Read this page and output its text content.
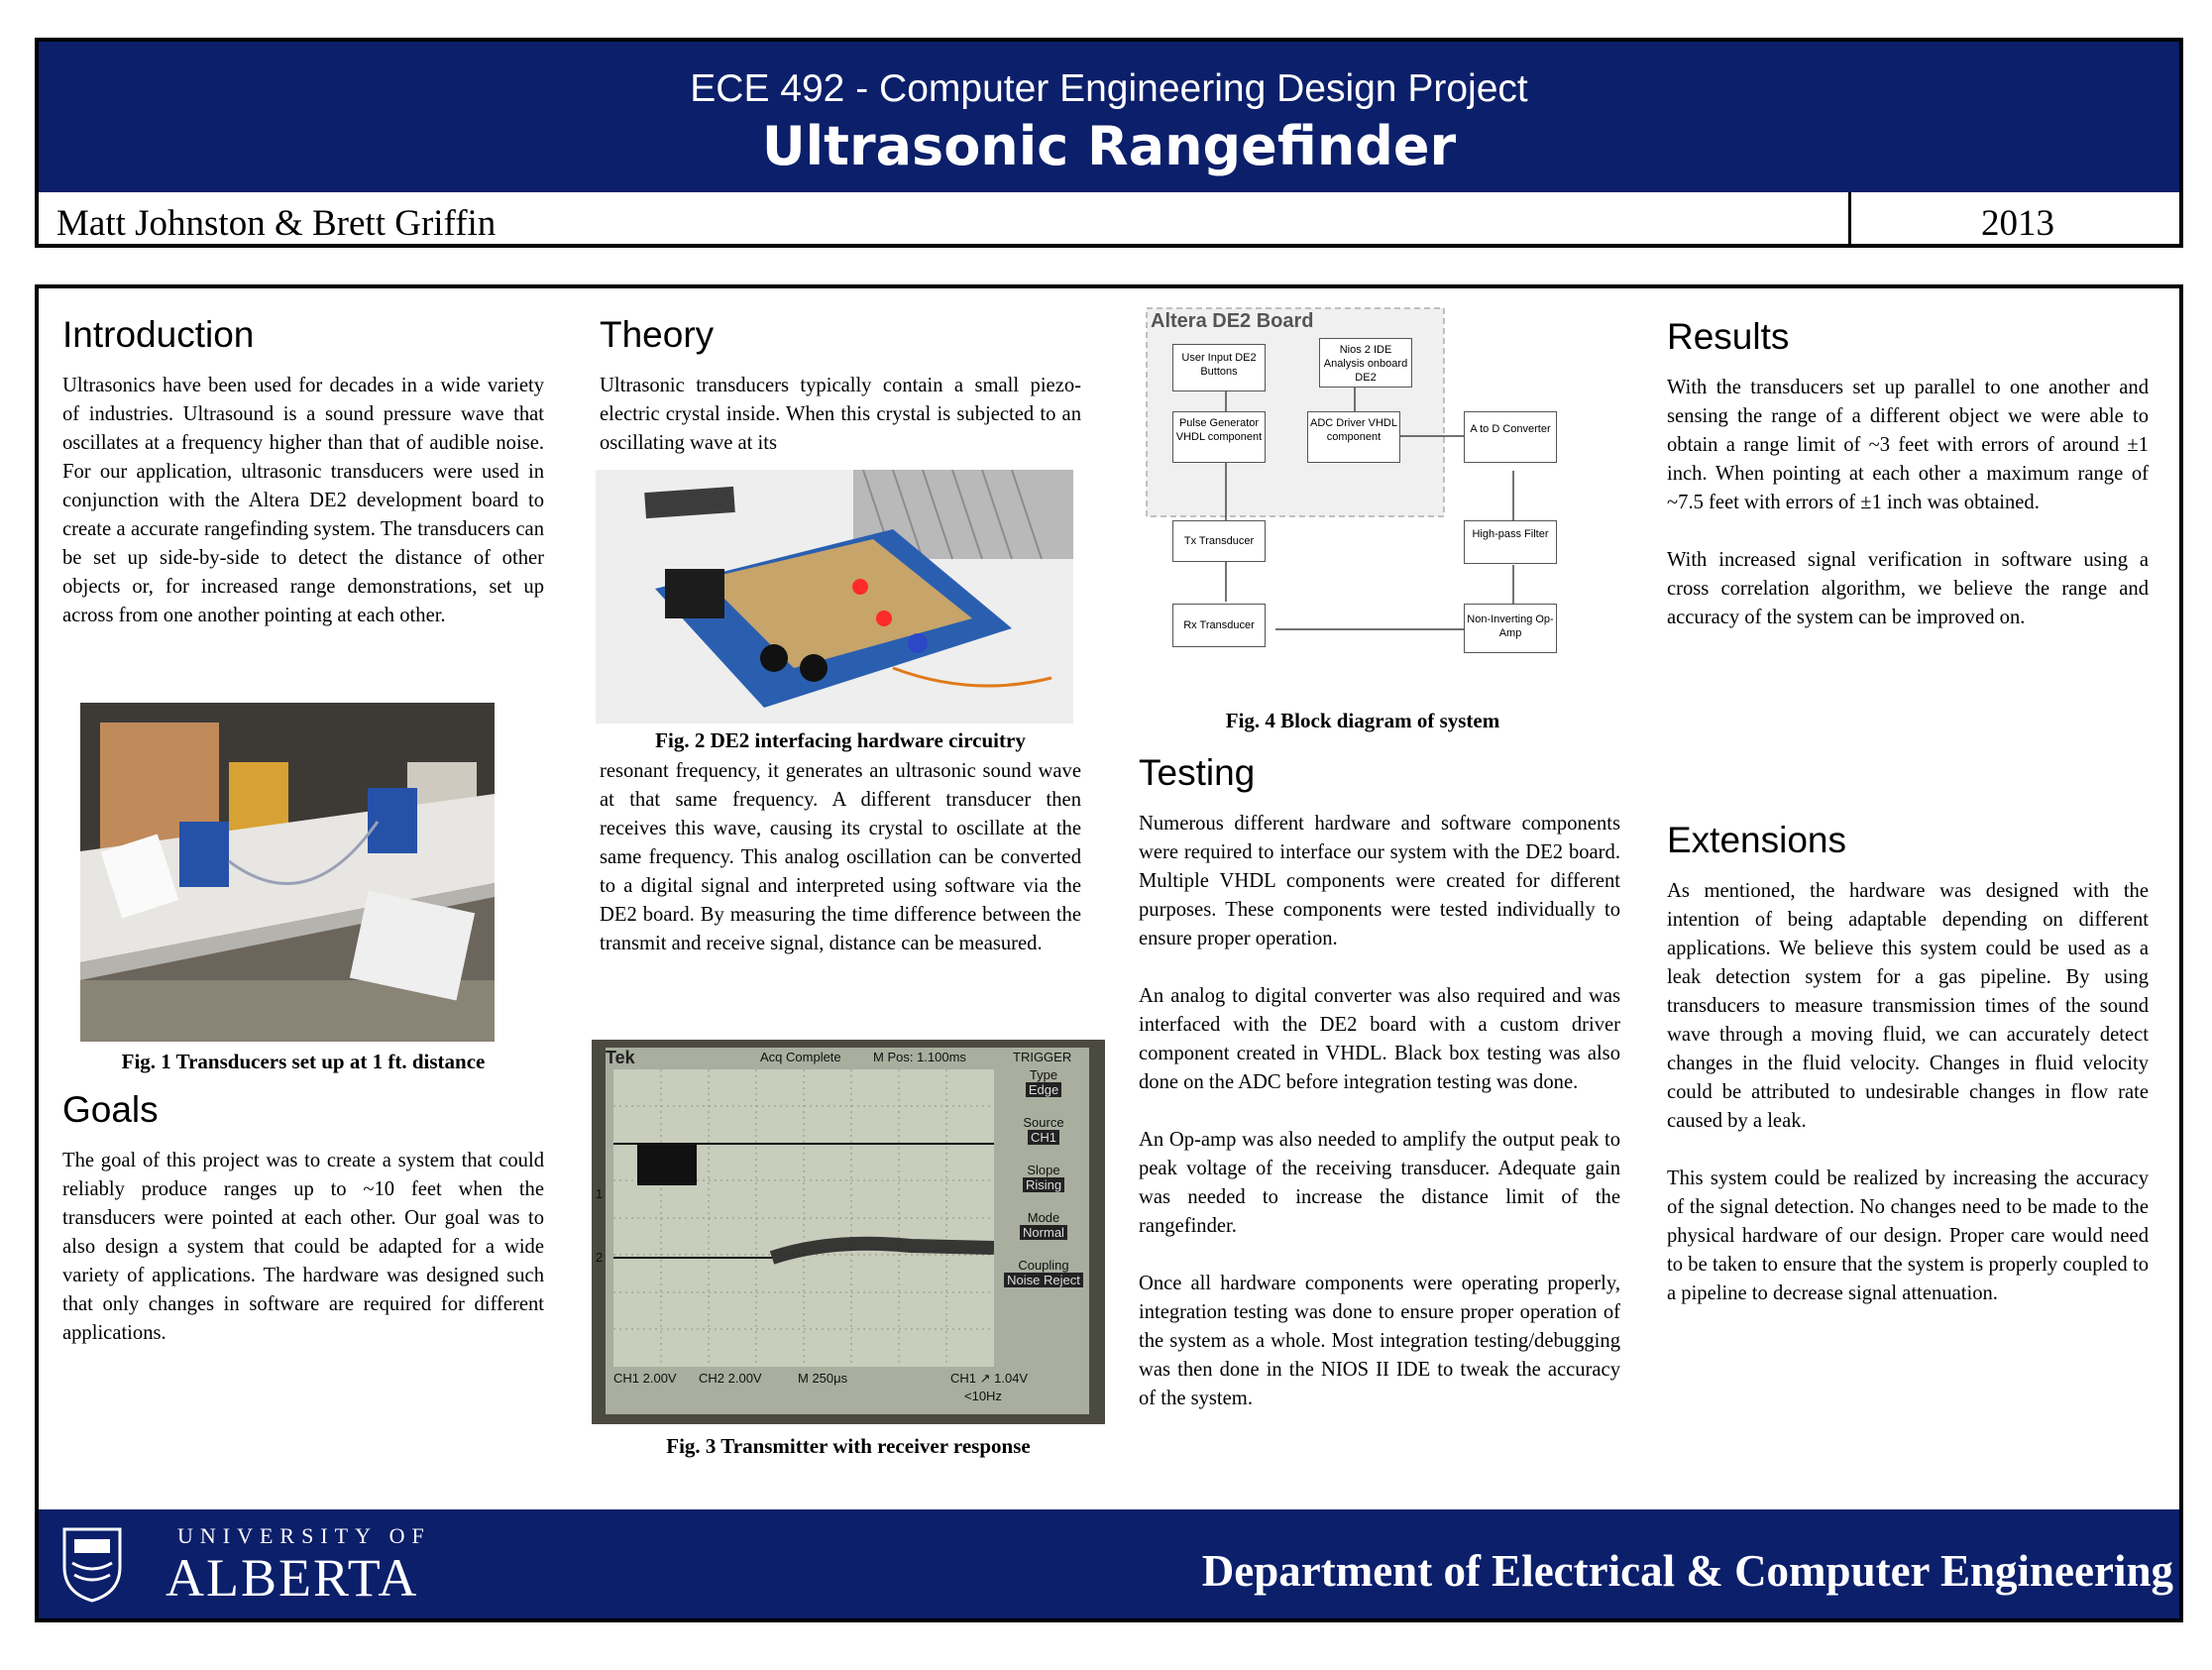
ECE 492 - Computer Engineering Design Project
Ultrasonic Rangefinder
Matt Johnston & Brett Griffin	2013
Introduction
Ultrasonics have been used for decades in a wide variety of industries. Ultrasound is a sound pressure wave that oscillates at a frequency higher than that of audible noise. For our application, ultrasonic transducers were used in conjunction with the Altera DE2 development board to create a accurate rangefinding system. The transducers can be set up side-by-side to detect the distance of other objects or, for increased range demonstrations, set up across from one another pointing at each other.
Fig. 1 Transducers set up at 1 ft. distance
Goals
The goal of this project was to create a system that could reliably produce ranges up to ~10 feet when the transducers were pointed at each other. Our goal was to also design a system that could be adapted for a wide variety of applications. The hardware was designed such that only changes in software are required for different applications.
Theory
Ultrasonic transducers typically contain a small piezo-electric crystal inside. When this crystal is subjected to an oscillating wave at its
Fig. 2 DE2 interfacing hardware circuitry
resonant frequency, it generates an ultrasonic sound wave at that same frequency. A different transducer then receives this wave, causing its crystal to oscillate at the same frequency. This analog oscillation can be converted to a digital signal and interpreted using software via the DE2 board. By measuring the time difference between the transmit and receive signal, distance can be measured.
Tek	Acq Complete M Pos: 1.100ms	TRIGGER
1
2
Type
Edge
Source
CH1
Slope
Rising
Mode
Normal
Coupling
Noise Reject
CH1 2.00V CH2 2.00V	M 250μs	CH1 ↗ 1.04V
<10Hz
Fig. 3 Transmitter with receiver response
Altera DE2 Board
User Input DE2 Buttons
Nios 2 IDE Analysis onboard DE2
Pulse Generator VHDL component
ADC Driver VHDL component
A to D Converter
Tx Transducer
High-pass Filter
Rx Transducer	Non-Inverting Op-Amp
Fig. 4 Block diagram of system
Testing

Numerous different hardware and software components were required to interface our system with the DE2 board. Multiple VHDL components were created for different purposes. These components were tested individually to ensure proper operation.

An analog to digital converter was also required and was interfaced with the DE2 board with a custom driver component created in VHDL. Black box testing was also done on the ADC before integration testing was done.

An Op-amp was also needed to amplify the output peak to peak voltage of the receiving transducer. Adequate gain was needed to increase the distance limit of the rangefinder.

Once all hardware components were operating properly, integration testing was done to ensure proper operation of the system as a whole. Most integration testing/debugging was then done in the NIOS II IDE to tweak the accuracy of the system.

Results

With the transducers set up parallel to one another and sensing the range of a different object we were able to obtain a range limit of ~3 feet with errors of around ±1 inch. When pointing at each other a maximum range of ~7.5 feet with errors of ±1 inch was obtained.

With increased signal verification in software using a cross correlation algorithm, we believe the range and accuracy of the system can be improved on.

Extensions

As mentioned, the hardware was designed with the intention of being adaptable depending on different applications. We believe this system could be used as a leak detection system for a gas pipeline. By using transducers to measure transmission times of the sound wave through a moving fluid, we can accurately detect changes in the fluid velocity. Changes in fluid velocity could be attributed to undesirable changes in flow rate caused by a leak.

This system could be realized by increasing the accuracy of the signal detection. No changes need to be made to the physical hardware of our design. Proper care would need to be taken to ensure that the system is properly coupled to a pipeline to decrease signal attenuation.

UNIVERSITY OF
ALBERTA	Department of Electrical & Computer Engineering
